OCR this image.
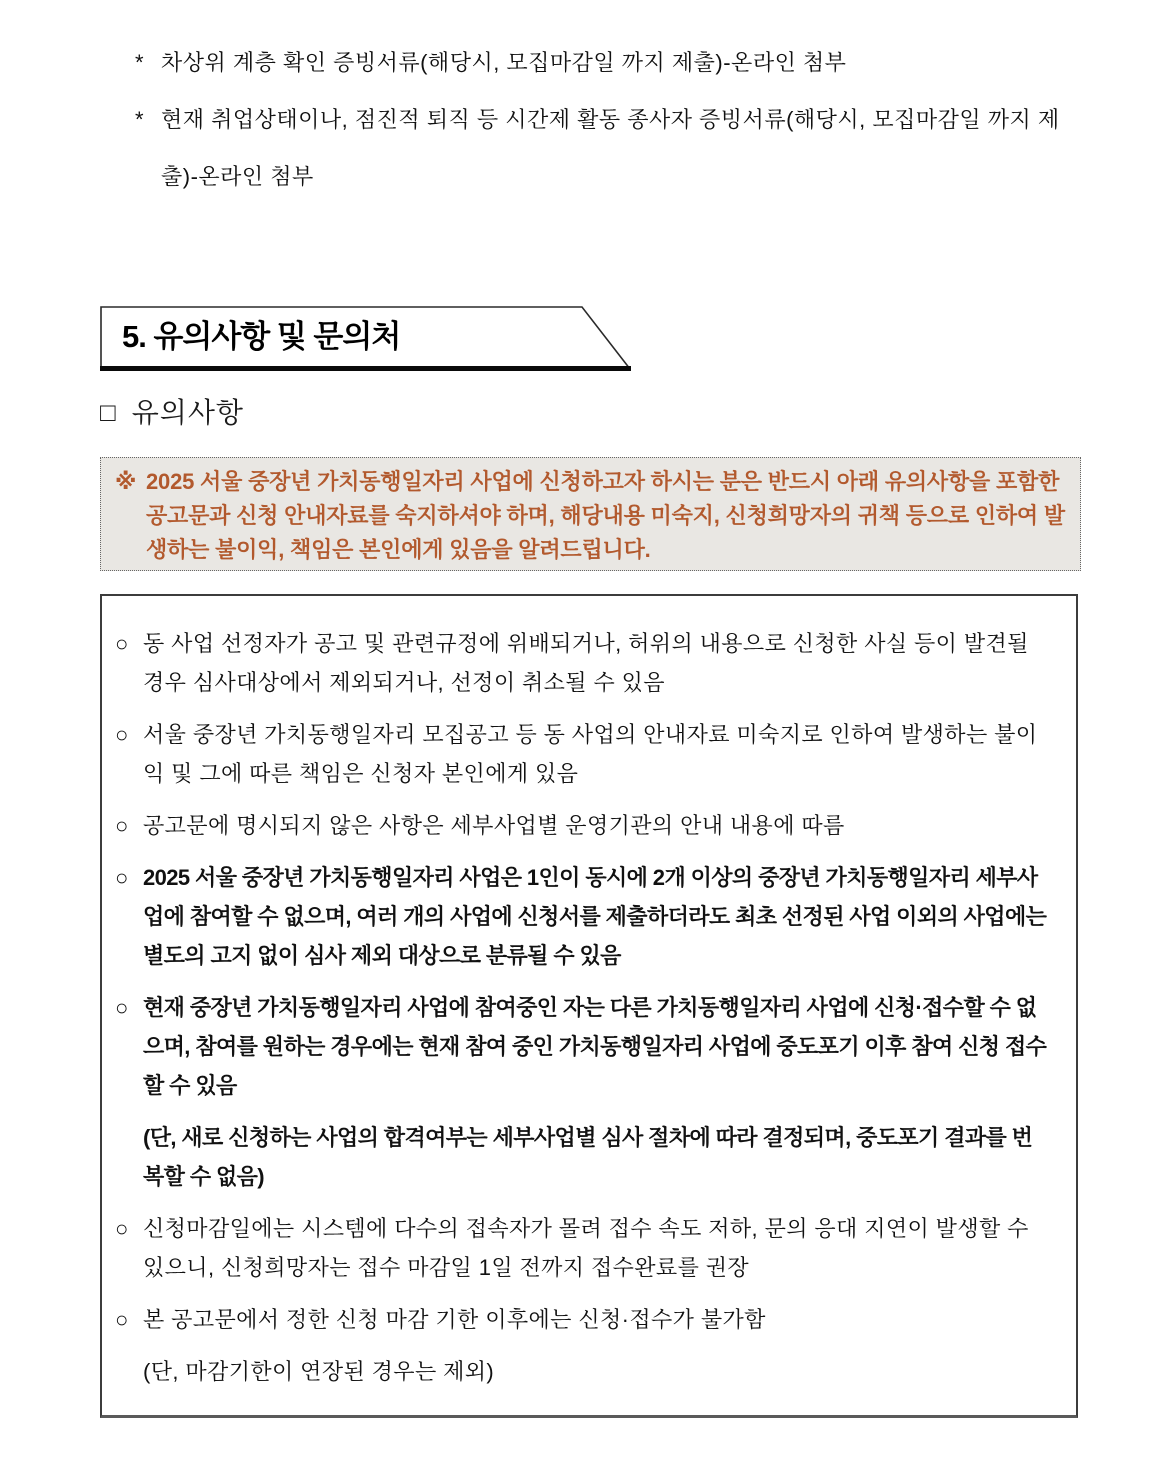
* 차상위 계층 확인 증빙서류(해당시, 모집마감일 까지 제출)-온라인 첨부
* 현재 취업상태이나, 점진적 퇴직 등 시간제 활동 종사자 증빙서류(해당시, 모집마감일 까지 제출)-온라인 첨부
5. 유의사항 및 문의처
□ 유의사항
※ 2025 서울 중장년 가치동행일자리 사업에 신청하고자 하시는 분은 반드시 아래 유의사항을 포함한 공고문과 신청 안내자료를 숙지하셔야 하며, 해당내용 미숙지, 신청희망자의 귀책 등으로 인하여 발생하는 불이익, 책임은 본인에게 있음을 알려드립니다.
○ 동 사업 선정자가 공고 및 관련규정에 위배되거나, 허위의 내용으로 신청한 사실 등이 발견될 경우 심사대상에서 제외되거나, 선정이 취소될 수 있음
○ 서울 중장년 가치동행일자리 모집공고 등 동 사업의 안내자료 미숙지로 인하여 발생하는 불이익 및 그에 따른 책임은 신청자 본인에게 있음
○ 공고문에 명시되지 않은 사항은 세부사업별 운영기관의 안내 내용에 따름
○ 2025 서울 중장년 가치동행일자리 사업은 1인이 동시에 2개 이상의 중장년 가치동행일자리 세부사업에 참여할 수 없으며, 여러 개의 사업에 신청서를 제출하더라도 최초 선정된 사업 이외의 사업에는 별도의 고지 없이 심사 제외 대상으로 분류될 수 있음
○ 현재 중장년 가치동행일자리 사업에 참여중인 자는 다른 가치동행일자리 사업에 신청·접수할 수 없으며, 참여를 원하는 경우에는 현재 참여 중인 가치동행일자리 사업에 중도포기 이후 참여 신청 접수할 수 있음
(단, 새로 신청하는 사업의 합격여부는 세부사업별 심사 절차에 따라 결정되며, 중도포기 결과를 번복할 수 없음)
○ 신청마감일에는 시스템에 다수의 접속자가 몰려 접수 속도 저하, 문의 응대 지연이 발생할 수 있으니, 신청희망자는 접수 마감일 1일 전까지 접수완료를 권장
○ 본 공고문에서 정한 신청 마감 기한 이후에는 신청·접수가 불가함
(단, 마감기한이 연장된 경우는 제외)
